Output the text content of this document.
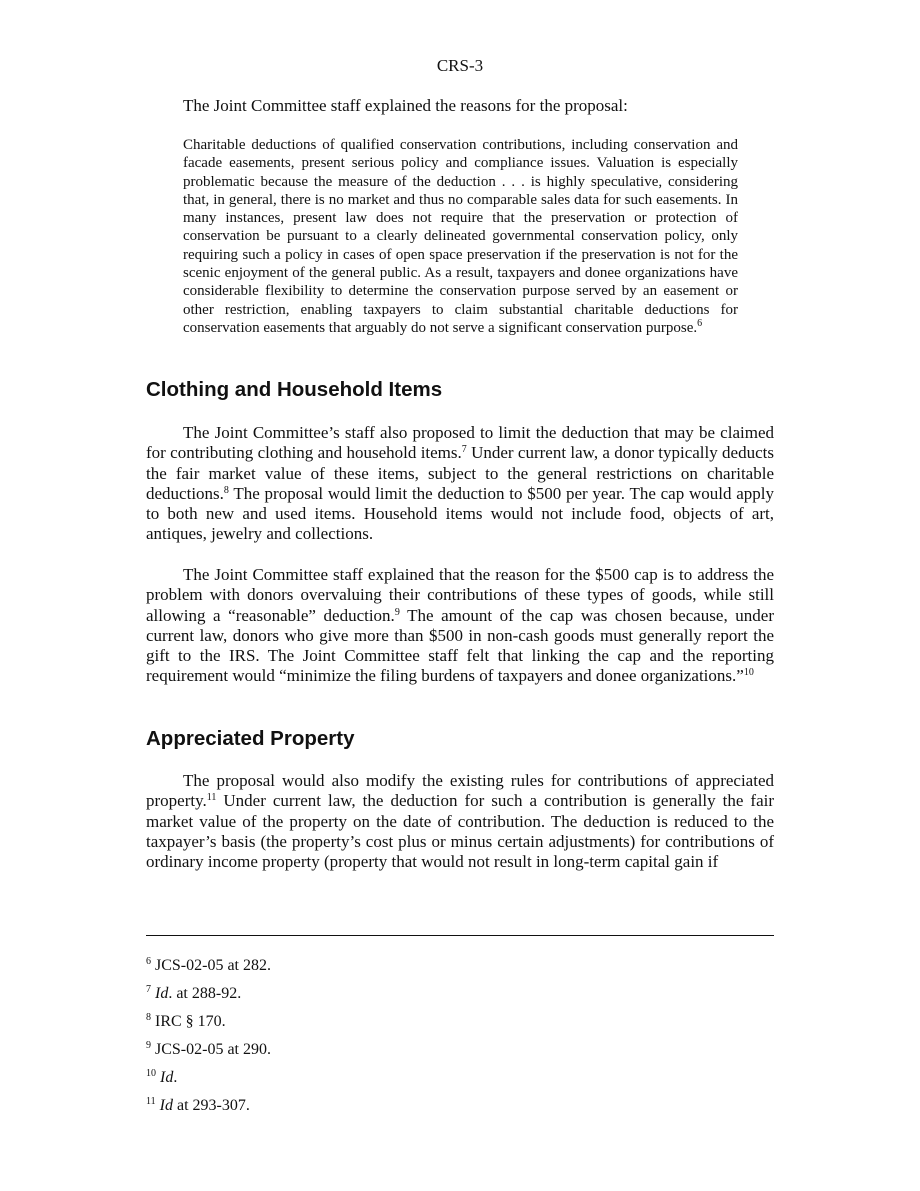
CRS-3
The Joint Committee staff explained the reasons for the proposal:
Charitable deductions of qualified conservation contributions, including conservation and facade easements, present serious policy and compliance issues. Valuation is especially problematic because the measure of the deduction . . . is highly speculative, considering that, in general, there is no market and thus no comparable sales data for such easements. In many instances, present law does not require that the preservation or protection of conservation be pursuant to a clearly delineated governmental conservation policy, only requiring such a policy in cases of open space preservation if the preservation is not for the scenic enjoyment of the general public. As a result, taxpayers and donee organizations have considerable flexibility to determine the conservation purpose served by an easement or other restriction, enabling taxpayers to claim substantial charitable deductions for conservation easements that arguably do not serve a significant conservation purpose.$^6$
Clothing and Household Items
The Joint Committee’s staff also proposed to limit the deduction that may be claimed for contributing clothing and household items.$^7$ Under current law, a donor typically deducts the fair market value of these items, subject to the general restrictions on charitable deductions.$^8$ The proposal would limit the deduction to $500 per year. The cap would apply to both new and used items. Household items would not include food, objects of art, antiques, jewelry and collections.
The Joint Committee staff explained that the reason for the $500 cap is to address the problem with donors overvaluing their contributions of these types of goods, while still allowing a “reasonable” deduction.$^9$ The amount of the cap was chosen because, under current law, donors who give more than $500 in non-cash goods must generally report the gift to the IRS. The Joint Committee staff felt that linking the cap and the reporting requirement would “minimize the filing burdens of taxpayers and donee organizations.”$^{10}$
Appreciated Property
The proposal would also modify the existing rules for contributions of appreciated property.$^{11}$ Under current law, the deduction for such a contribution is generally the fair market value of the property on the date of contribution. The deduction is reduced to the taxpayer’s basis (the property’s cost plus or minus certain adjustments) for contributions of ordinary income property (property that would not result in long-term capital gain if
$^6$ JCS-02-05 at 282.
$^7$ Id. at 288-92.
$^8$ IRC § 170.
$^9$ JCS-02-05 at 290.
$^{10}$ Id.
$^{11}$ Id at 293-307.
